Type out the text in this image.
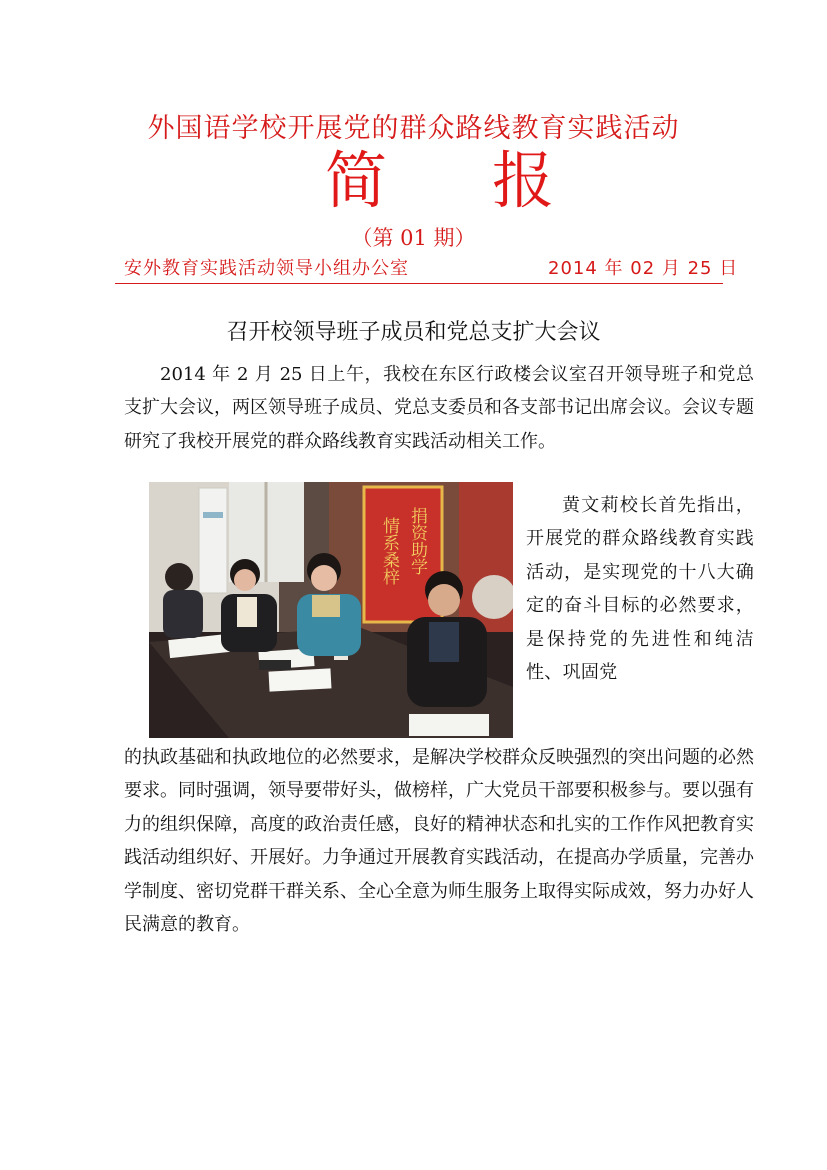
外国语学校开展党的群众路线教育实践活动
简 报
（第 01 期）
安外教育实践活动领导小组办公室	2014 年 02 月 25 日
召开校领导班子成员和党总支扩大会议
2014 年 2 月 25 日上午，我校在东区行政楼会议室召开领导班子和党总支扩大会议，两区领导班子成员、党总支委员和各支部书记出席会议。会议专题研究了我校开展党的群众路线教育实践活动相关工作。
情系桑梓 捐资助学
黄文莉校长首先指出，开展党的群众路线教育实践活动，是实现党的十八大确定的奋斗目标的必然要求，是保持党的先进性和纯洁性、巩固党
的执政基础和执政地位的必然要求，是解决学校群众反映强烈的突出问题的必然要求。同时强调，领导要带好头，做榜样，广大党员干部要积极参与。要以强有力的组织保障，高度的政治责任感，良好的精神状态和扎实的工作作风把教育实践活动组织好、开展好。力争通过开展教育实践活动，在提高办学质量，完善办学制度、密切党群干群关系、全心全意为师生服务上取得实际成效，努力办好人民满意的教育。
